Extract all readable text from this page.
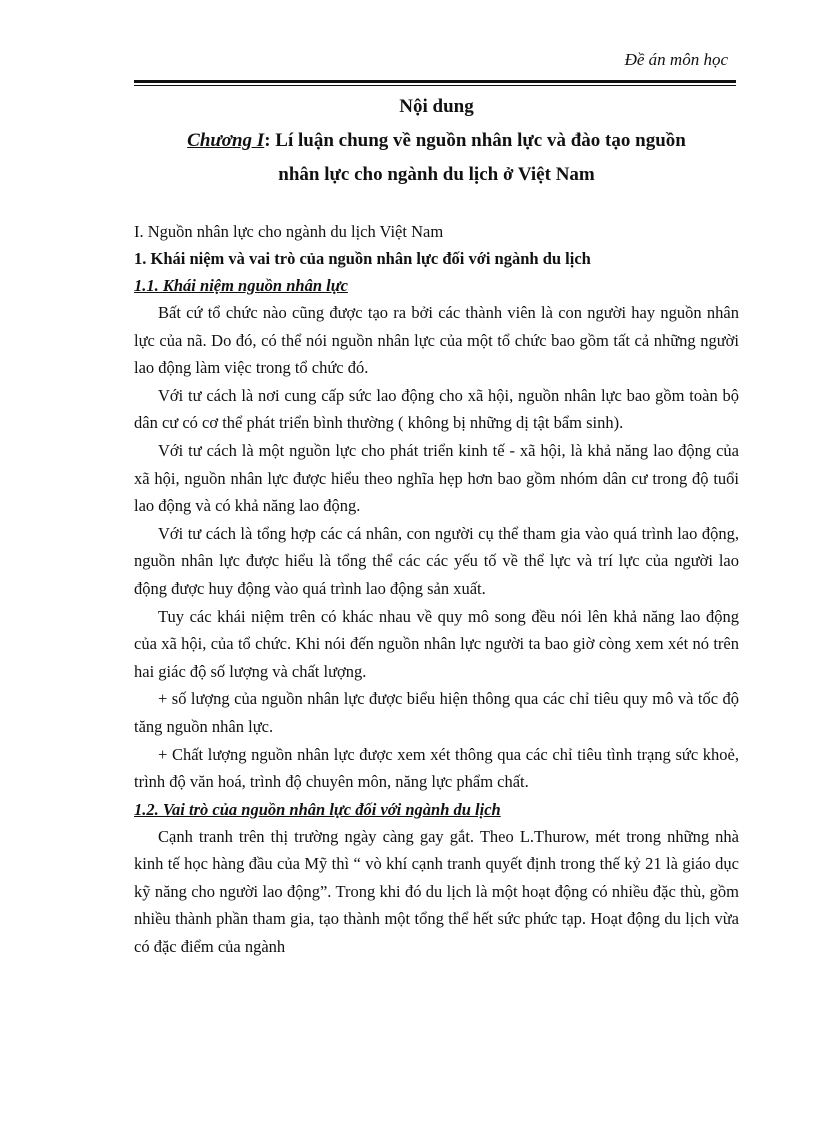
Đề án môn học

Nội dung

Chương I: Lí luận chung về nguồn nhân lực và đào tạo nguồn
nhân lực cho ngành du lịch ở Việt Nam

I. Nguồn nhân lực cho ngành du lịch Việt Nam

1. Khái niệm và vai trò của nguồn nhân lực đối với ngành du lịch

1.1. Khái niệm nguồn nhân lực

Bất cứ tổ chức nào cũng được tạo ra bởi các thành viên là con người hay nguồn nhân lực của nã. Do đó, có thể nói nguồn nhân lực của một tổ chức bao gồm tất cả những người lao động làm việc trong tổ chức đó.

Với tư cách là nơi cung cấp sức lao động cho xã hội, nguồn nhân lực bao gồm toàn bộ dân cư có cơ thể phát triển bình thường ( không bị những dị tật bẩm sinh).

Với tư cách là một nguồn lực cho phát triển kinh tế - xã hội, là khả năng lao động của xã hội, nguồn nhân lực được hiểu theo nghĩa hẹp hơn bao gồm nhóm dân cư trong độ tuổi lao động và có khả năng lao động.

Với tư cách là tổng hợp các cá nhân, con người cụ thể tham gia vào quá trình lao động, nguồn nhân lực được hiểu là tổng thể các các yếu tố về thể lực và trí lực của người lao động được huy động vào quá trình lao động sản xuất.

Tuy các khái niệm trên có khác nhau về quy mô song đều nói lên khả năng lao động của xã hội, của tổ chức. Khi nói đến nguồn nhân lực người ta bao giờ còng xem xét nó trên hai giác độ số lượng và chất lượng.

+ số lượng của nguồn nhân lực được biểu hiện thông qua các chỉ tiêu quy mô và tốc độ tăng nguồn nhân lực.

+ Chất lượng nguồn nhân lực được xem xét thông qua các chỉ tiêu tình trạng sức khoẻ, trình độ văn hoá, trình độ chuyên môn, năng lực phẩm chất.

1.2. Vai trò của nguồn nhân lực đối với ngành du lịch

Cạnh tranh trên thị trường ngày càng gay gắt. Theo L.Thurow, mét trong những nhà kinh tế học hàng đầu của Mỹ thì “ vò khí cạnh tranh quyết định trong thế kỷ 21 là giáo dục kỹ năng cho người lao động”. Trong khi đó du lịch là một hoạt động có nhiều đặc thù, gồm nhiều thành phần tham gia, tạo thành một tổng thể hết sức phức tạp. Hoạt động du lịch vừa có đặc điểm của ngành
